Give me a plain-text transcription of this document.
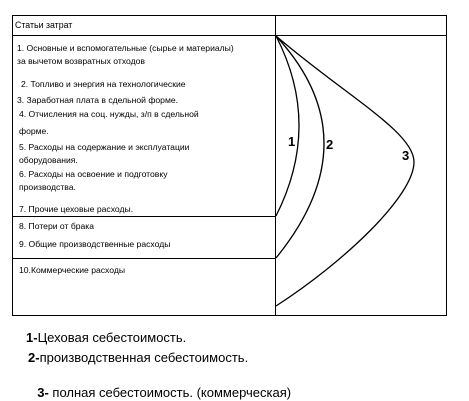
1 2
3
Статьи затрат
1. Основные и вспомогательные (сырье и материалы)
за вычетом возвратных отходов
2. Топливо и энергия на технологические
3. Заработная плата в сдельной форме.
4. Отчисления на соц. нужды, з/п в сдельной
форме.
5. Расходы на содержание и эксплуатации
оборудования.
6. Расходы на освоение и подготовку
производства.
7. Прочие цеховые расходы.
8. Потери от брака
9. Общие производственные расходы
10.Коммерческие расходы
1-Цеховая себестоимость.
2-производственная себестоимость.

3- полная себестоимость. (коммерческая)
